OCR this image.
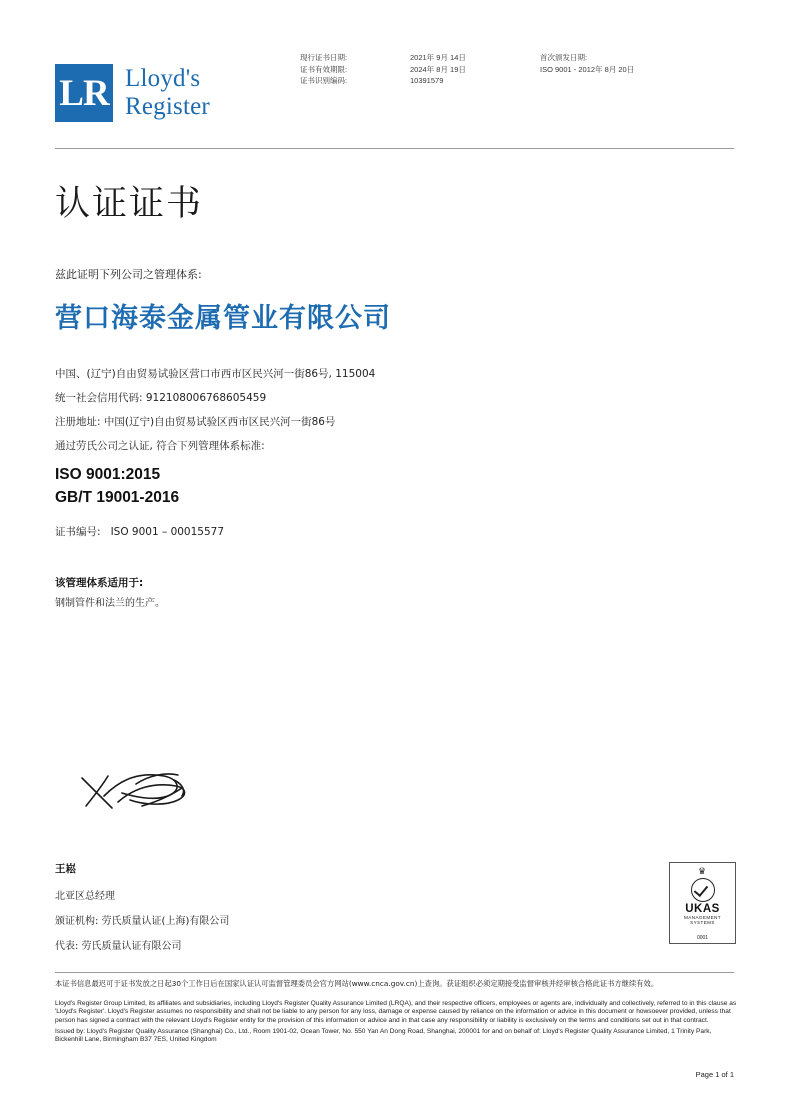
LR Lloyd's
Register
现行证书日期:
证书有效期限:
证书识别编码:
2021年 9月 14日
2024年 8月 19日
10391579
首次颁发日期:
ISO 9001 - 2012年 8月 20日
认证证书
兹此证明下列公司之管理体系:
营口海泰金属管业有限公司
中国、(辽宁)自由贸易试验区营口市西市区民兴河一街86号, 115004
统一社会信用代码: 912108006768605459
注册地址: 中国(辽宁)自由贸易试验区西市区民兴河一街86号
通过劳氏公司之认证, 符合下列管理体系标准:
ISO 9001:2015
GB/T 19001-2016
证书编号: ISO 9001 – 00015577
该管理体系适用于:
钢制管件和法兰的生产。
王崧
北亚区总经理
颁证机构: 劳氏质量认证(上海)有限公司
代表: 劳氏质量认证有限公司
♛
UKAS
MANAGEMENT
SYSTEMS
0001
本证书信息最迟可于证书发放之日起30个工作日后在国家认证认可监督管理委员会官方网站(www.cnca.gov.cn)上查询。获证组织必须定期接受监督审核并经审核合格此证书方继续有效。

Lloyd's Register Group Limited, its affiliates and subsidiaries, including Lloyd's Register Quality Assurance Limited (LRQA), and their respective officers, employees or agents are, individually and collectively, referred to in this clause as 'Lloyd's Register'. Lloyd's Register assumes no responsibility and shall not be liable to any person for any loss, damage or expense caused by reliance on the information or advice in this document or howsoever provided, unless that person has signed a contract with the relevant Lloyd's Register entity for the provision of this information or advice and in that case any responsibility or liability is exclusively on the terms and conditions set out in that contract.

Issued by: Lloyd's Register Quality Assurance (Shanghai) Co., Ltd., Room 1901-02, Ocean Tower, No. 550 Yan An Dong Road, Shanghai, 200001 for and on behalf of: Lloyd's Register Quality Assurance Limited, 1 Trinity Park, Bickenhill Lane, Birmingham B37 7ES, United Kingdom

Page 1 of 1
